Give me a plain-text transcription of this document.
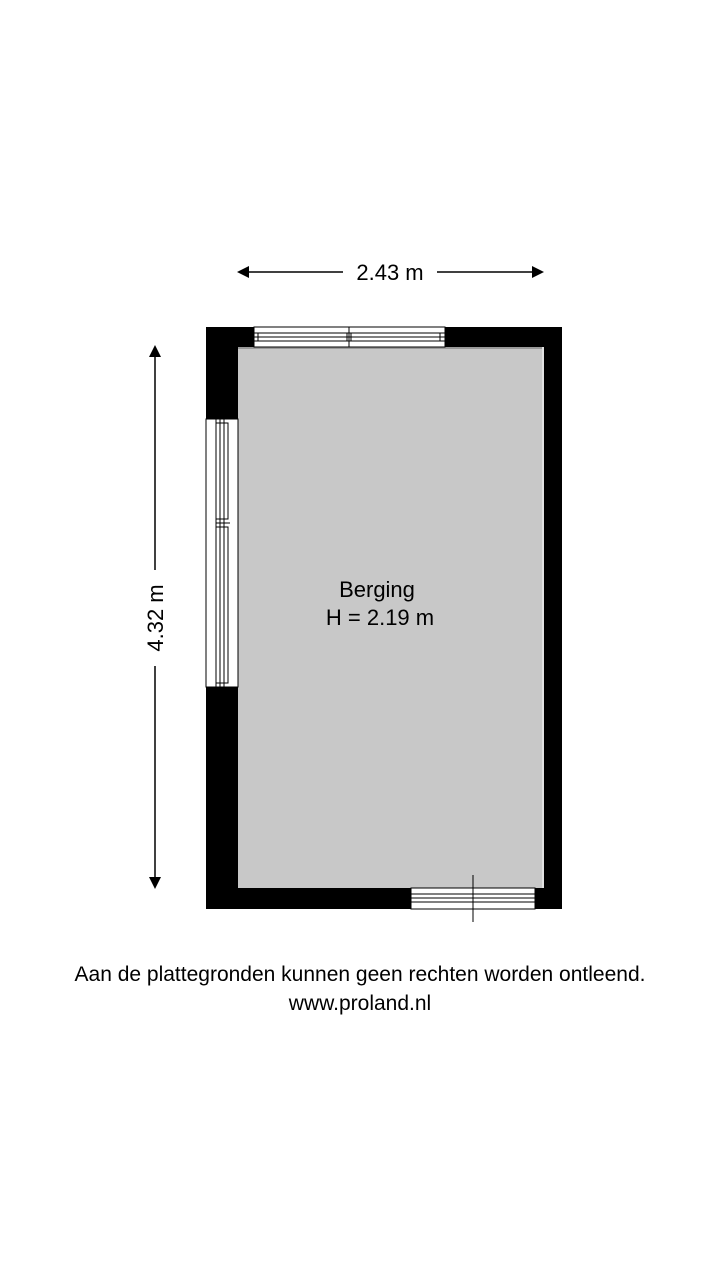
2.43 m
4.32 m	Berging
H = 2.19 m
Aan de plattegronden kunnen geen rechten worden ontleend.
www.proland.nl
